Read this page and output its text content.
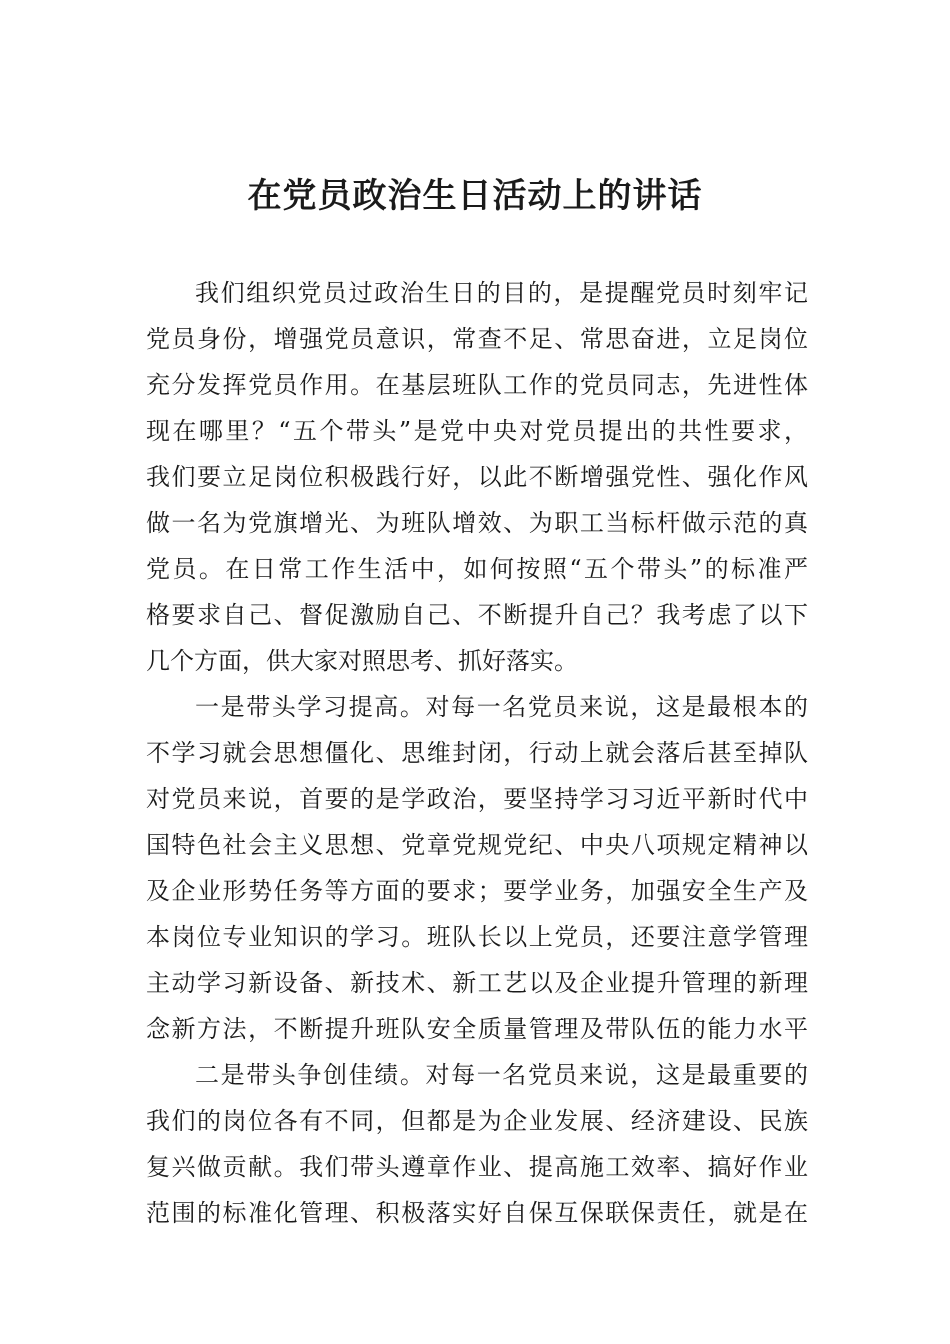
在党员政治生日活动上的讲话
我们组织党员过政治生日的目的，是提醒党员时刻牢记
党员身份，增强党员意识，常查不足、常思奋进，立足岗位
充分发挥党员作用。在基层班队工作的党员同志，先进性体
现在哪里？“五个带头”是党中央对党员提出的共性要求，
我们要立足岗位积极践行好，以此不断增强党性、强化作风
做一名为党旗增光、为班队增效、为职工当标杆做示范的真
党员。在日常工作生活中，如何按照“五个带头”的标准严
格要求自己、督促激励自己、不断提升自己？我考虑了以下
几个方面，供大家对照思考、抓好落实。
一是带头学习提高。对每一名党员来说，这是最根本的
不学习就会思想僵化、思维封闭，行动上就会落后甚至掉队
对党员来说，首要的是学政治，要坚持学习习近平新时代中
国特色社会主义思想、党章党规党纪、中央八项规定精神以
及企业形势任务等方面的要求；要学业务，加强安全生产及
本岗位专业知识的学习。班队长以上党员，还要注意学管理
主动学习新设备、新技术、新工艺以及企业提升管理的新理
念新方法，不断提升班队安全质量管理及带队伍的能力水平
二是带头争创佳绩。对每一名党员来说，这是最重要的
我们的岗位各有不同，但都是为企业发展、经济建设、民族
复兴做贡献。我们带头遵章作业、提高施工效率、搞好作业
范围的标准化管理、积极落实好自保互保联保责任，就是在
